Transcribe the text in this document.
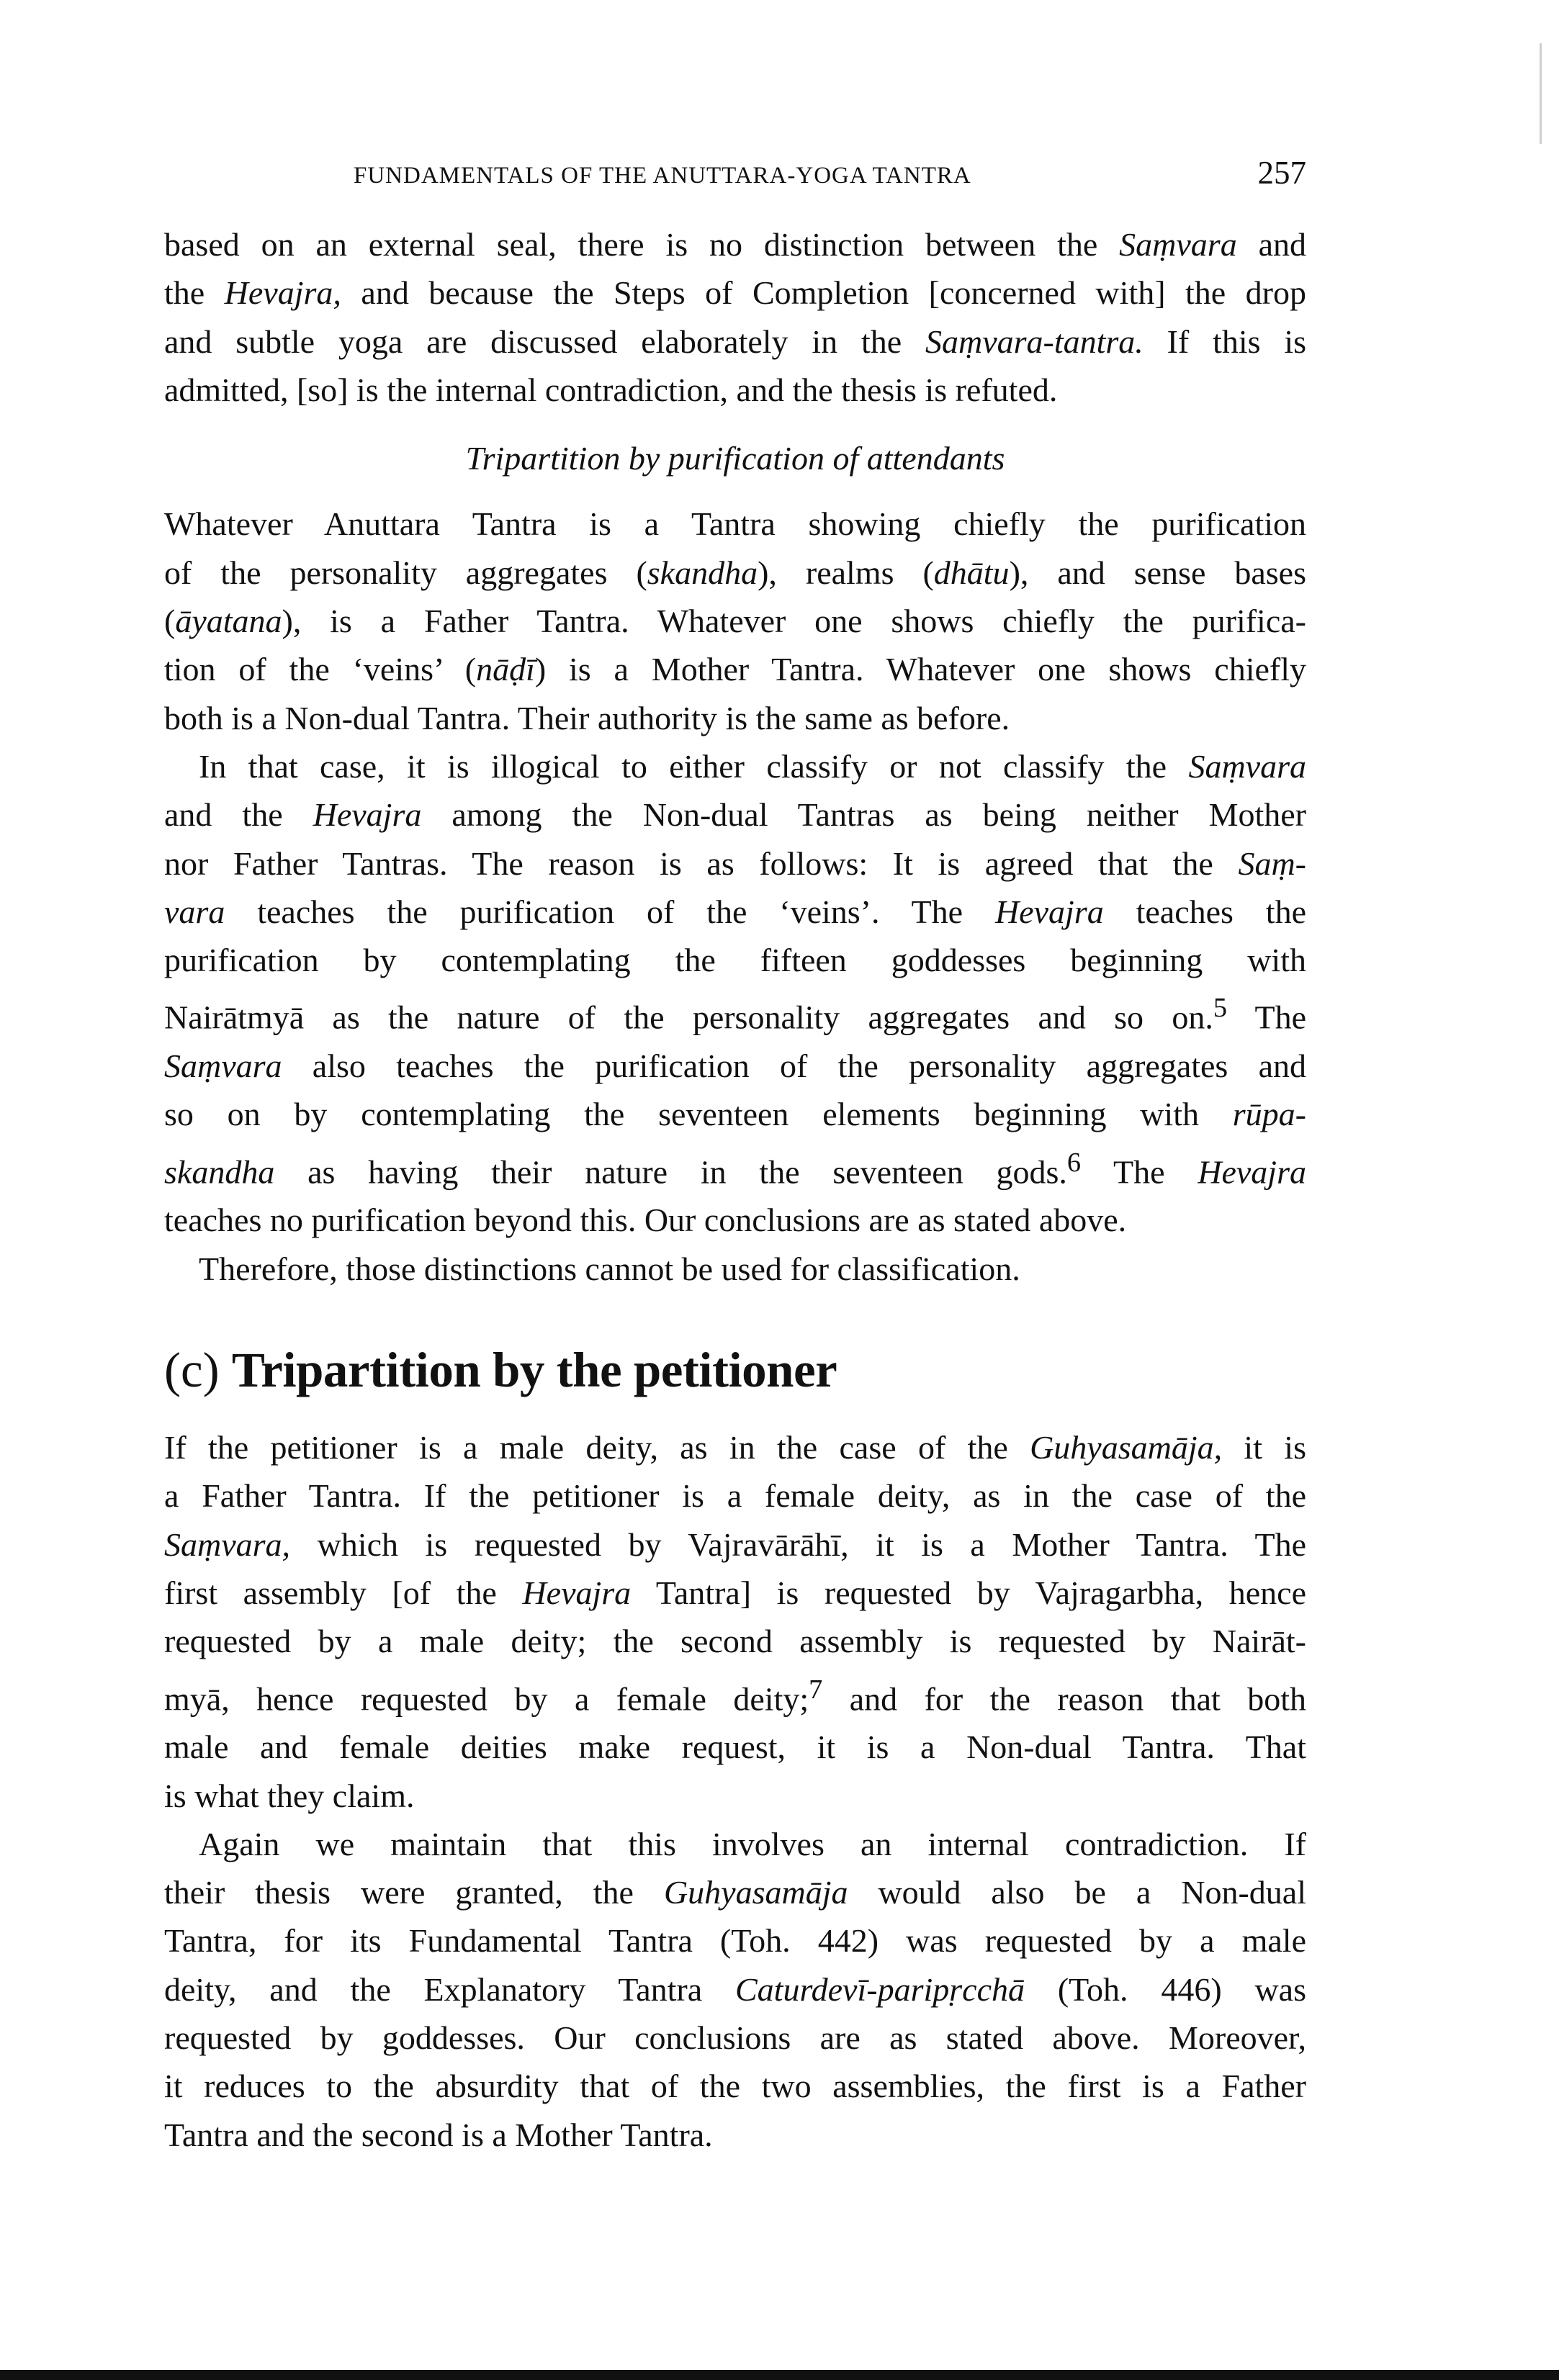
FUNDAMENTALS OF THE ANUTTARA-YOGA TANTRA	257

based on an external seal, there is no distinction between the Saṃvara and
the Hevajra, and because the Steps of Completion [concerned with] the drop
and subtle yoga are discussed elaborately in the Saṃvara-tantra. If this is
admitted, [so] is the internal contradiction, and the thesis is refuted.

Tripartition by purification of attendants

Whatever Anuttara Tantra is a Tantra showing chiefly the purification
of the personality aggregates (skandha), realms (dhātu), and sense bases
(āyatana), is a Father Tantra. Whatever one shows chiefly the purifica-
tion of the ‘veins’ (nāḍī) is a Mother Tantra. Whatever one shows chiefly
both is a Non-dual Tantra. Their authority is the same as before.

In that case, it is illogical to either classify or not classify the Saṃvara
and the Hevajra among the Non-dual Tantras as being neither Mother
nor Father Tantras. The reason is as follows: It is agreed that the Saṃ-
vara teaches the purification of the ‘veins’. The Hevajra teaches the
purification by contemplating the fifteen goddesses beginning with
Nairātmyā as the nature of the personality aggregates and so on.$^5$ The
Saṃvara also teaches the purification of the personality aggregates and
so on by contemplating the seventeen elements beginning with rūpa-
skandha as having their nature in the seventeen gods.$^6$ The Hevajra
teaches no purification beyond this. Our conclusions are as stated above.

Therefore, those distinctions cannot be used for classification.

(c) Tripartition by the petitioner

If the petitioner is a male deity, as in the case of the Guhyasamāja, it is
a Father Tantra. If the petitioner is a female deity, as in the case of the
Saṃvara, which is requested by Vajravārāhī, it is a Mother Tantra. The
first assembly [of the Hevajra Tantra] is requested by Vajragarbha, hence
requested by a male deity; the second assembly is requested by Nairāt-
myā, hence requested by a female deity;$^7$ and for the reason that both
male and female deities make request, it is a Non-dual Tantra. That
is what they claim.

Again we maintain that this involves an internal contradiction. If
their thesis were granted, the Guhyasamāja would also be a Non-dual
Tantra, for its Fundamental Tantra (Toh. 442) was requested by a male
deity, and the Explanatory Tantra Caturdevī-paripṛcchā (Toh. 446) was
requested by goddesses. Our conclusions are as stated above. Moreover,
it reduces to the absurdity that of the two assemblies, the first is a Father
Tantra and the second is a Mother Tantra.
